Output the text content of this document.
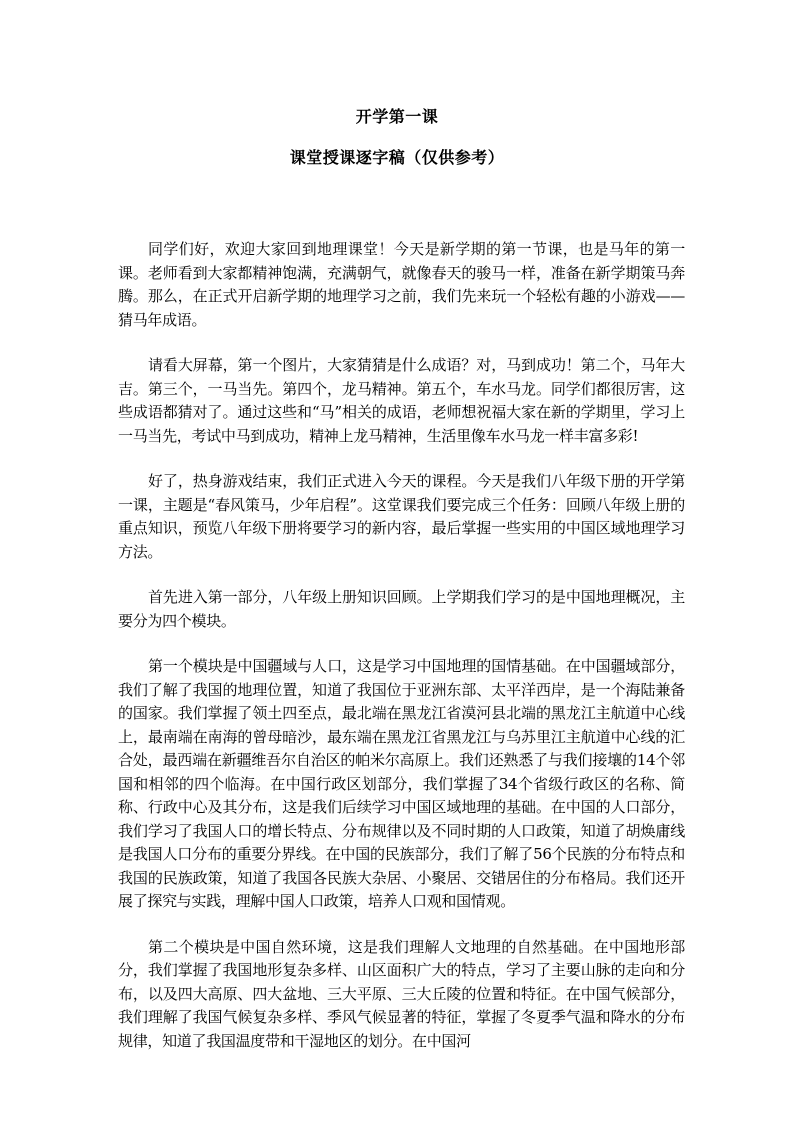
开学第一课
课堂授课逐字稿（仅供参考）

同学们好，欢迎大家回到地理课堂！今天是新学期的第一节课，也是马年的第一课。老师看到大家都精神饱满，充满朝气，就像春天的骏马一样，准备在新学期策马奔腾。那么，在正式开启新学期的地理学习之前，我们先来玩一个轻松有趣的小游戏——猜马年成语。

请看大屏幕，第一个图片，大家猜猜是什么成语？对，马到成功！第二个，马年大吉。第三个，一马当先。第四个，龙马精神。第五个，车水马龙。同学们都很厉害，这些成语都猜对了。通过这些和“马”相关的成语，老师想祝福大家在新的学期里，学习上一马当先，考试中马到成功，精神上龙马精神，生活里像车水马龙一样丰富多彩!

好了，热身游戏结束，我们正式进入今天的课程。今天是我们八年级下册的开学第一课，主题是“春风策马，少年启程”。这堂课我们要完成三个任务：回顾八年级上册的重点知识，预览八年级下册将要学习的新内容，最后掌握一些实用的中国区域地理学习方法。

首先进入第一部分，八年级上册知识回顾。上学期我们学习的是中国地理概况，主要分为四个模块。

第一个模块是中国疆域与人口，这是学习中国地理的国情基础。在中国疆域部分，我们了解了我国的地理位置，知道了我国位于亚洲东部、太平洋西岸，是一个海陆兼备的国家。我们掌握了领土四至点，最北端在黑龙江省漠河县北端的黑龙江主航道中心线上，最南端在南海的曾母暗沙，最东端在黑龙江省黑龙江与乌苏里江主航道中心线的汇合处，最西端在新疆维吾尔自治区的帕米尔高原上。我们还熟悉了与我们接壤的14个邻国和相邻的四个临海。在中国行政区划部分，我们掌握了34个省级行政区的名称、简称、行政中心及其分布，这是我们后续学习中国区域地理的基础。在中国的人口部分，我们学习了我国人口的增长特点、分布规律以及不同时期的人口政策，知道了胡焕庸线是我国人口分布的重要分界线。在中国的民族部分，我们了解了56个民族的分布特点和我国的民族政策，知道了我国各民族大杂居、小聚居、交错居住的分布格局。我们还开展了探究与实践，理解中国人口政策，培养人口观和国情观。

第二个模块是中国自然环境，这是我们理解人文地理的自然基础。在中国地形部分，我们掌握了我国地形复杂多样、山区面积广大的特点，学习了主要山脉的走向和分布，以及四大高原、四大盆地、三大平原、三大丘陵的位置和特征。在中国气候部分，我们理解了我国气候复杂多样、季风气候显著的特征，掌握了冬夏季气温和降水的分布规律，知道了我国温度带和干湿地区的划分。在中国河
